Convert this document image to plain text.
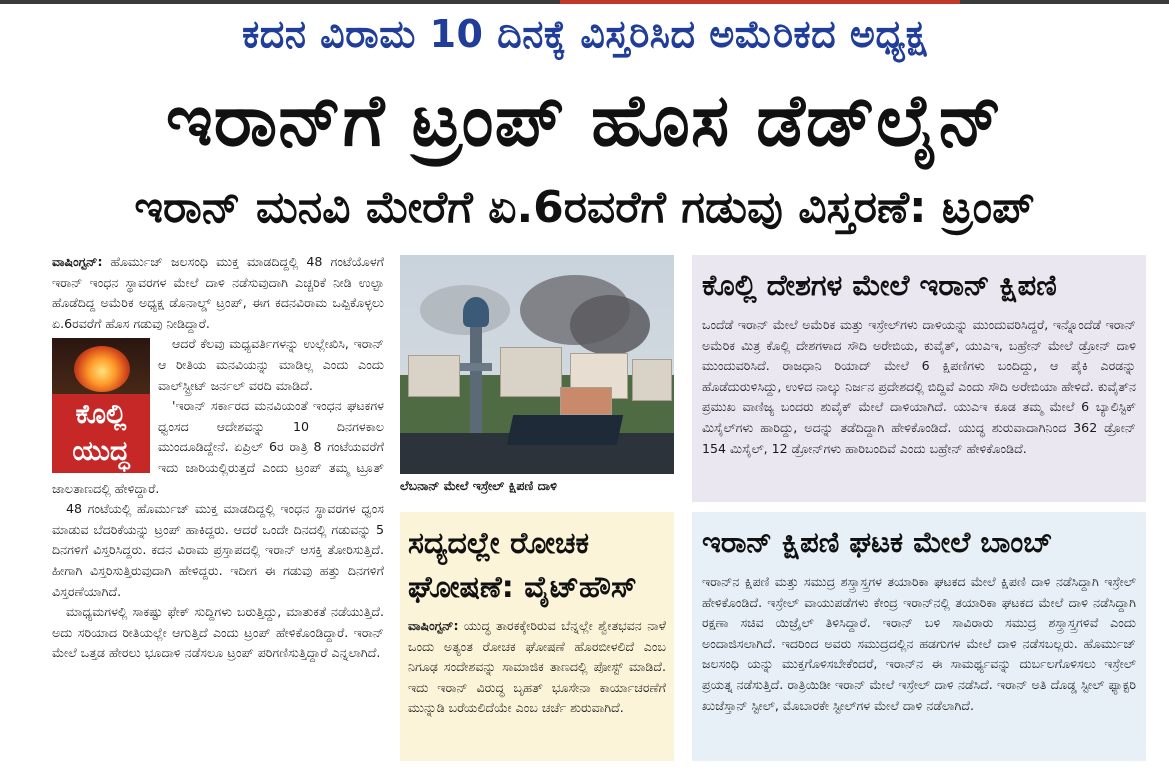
ಕದನ ವಿರಾಮ 10 ದಿನಕ್ಕೆ ವಿಸ್ತರಿಸಿದ ಅಮೆರಿಕದ ಅಧ್ಯಕ್ಷ
ಇರಾನ್‌ಗೆ ಟ್ರಂಪ್ ಹೊಸ ಡೆಡ್‌ಲೈನ್
ಇರಾನ್ ಮನವಿ ಮೇರೆಗೆ ಏ.6ರವರೆಗೆ ಗಡುವು ವಿಸ್ತರಣೆ: ಟ್ರಂಪ್

ವಾಷಿಂಗ್ಟನ್: ಹೊರ್ಮುಜ್ ಜಲಸಂಧಿ ಮುಕ್ತ ಮಾಡದಿದ್ದಲ್ಲಿ 48 ಗಂಟೆಯೊಳಗೆ ಇರಾನ್ ಇಂಧನ ಸ್ಥಾವರಗಳ ಮೇಲೆ ದಾಳಿ ನಡೆಸುವುದಾಗಿ ಎಚ್ಚರಿಕೆ ನೀಡಿ ಉಲ್ಟಾ ಹೊಡೆದಿದ್ದ ಅಮೆರಿಕ ಅಧ್ಯಕ್ಷ ಡೊನಾಲ್ಡ್ ಟ್ರಂಪ್, ಈಗ ಕದನವಿರಾಮ ಒಪ್ಪಿಕೊಳ್ಳಲು ಏ.6ರವರೆಗೆ ಹೊಸ ಗಡುವು ನೀಡಿದ್ದಾರೆ.

ಕೊಲ್ಲಿ
ಯುದ್ಧ

ಆದರೆ ಕೆಲವು ಮಧ್ಯವರ್ತಿಗಳನ್ನು ಉಲ್ಲೇಖಿಸಿ, ಇರಾನ್ ಆ ರೀತಿಯ ಮನವಿಯನ್ನು ಮಾಡಿಲ್ಲ ಎಂದು ಎಂದು ವಾಲ್‌ಸ್ಟ್ರೀಟ್ ಜರ್ನಲ್ ವರದಿ ಮಾಡಿದೆ.

'ಇರಾನ್ ಸರ್ಕಾರದ ಮನವಿಯಂತೆ ಇಂಧನ ಘಟಕಗಳ ಧ್ವಂಸದ ಆದೇಶವನ್ನು 10 ದಿನಗಳಕಾಲ ಮುಂದೂಡಿದ್ದೇನೆ. ಏಪ್ರಿಲ್ 6ರ ರಾತ್ರಿ 8 ಗಂಟೆಯವರೆಗೆ ಇದು ಜಾರಿಯಲ್ಲಿರುತ್ತದೆ ಎಂದು ಟ್ರಂಪ್ ತಮ್ಮ ಟ್ರೂತ್ ಜಾಲತಾಣದಲ್ಲಿ ಹೇಳಿದ್ದಾರೆ.

48 ಗಂಟೆಯಲ್ಲಿ ಹೊರ್ಮುಜ್ ಮುಕ್ತ ಮಾಡದಿದ್ದಲ್ಲಿ ಇಂಧನ ಸ್ಥಾವರಗಳ ಧ್ವಂಸ ಮಾಡುವ ಬೆದರಿಕೆಯನ್ನು ಟ್ರಂಪ್ ಹಾಕಿದ್ದರು. ಆದರೆ ಒಂದೇ ದಿನದಲ್ಲಿ ಗಡುವನ್ನು 5 ದಿನಗಳಿಗೆ ವಿಸ್ತರಿಸಿದ್ದರು. ಕದನ ವಿರಾಮ ಪ್ರಸ್ತಾಪದಲ್ಲಿ ಇರಾನ್ ಆಸಕ್ತಿ ತೋರಿಸುತ್ತಿದೆ. ಹೀಗಾಗಿ ವಿಸ್ತರಿಸುತ್ತಿರುವುದಾಗಿ ಹೇಳಿದ್ದರು. ಇದೀಗ ಈ ಗಡುವು ಹತ್ತು ದಿನಗಳಿಗೆ ವಿಸ್ತರಣೆಯಾಗಿದೆ.

ಮಾಧ್ಯಮಗಳಲ್ಲಿ ಸಾಕಷ್ಟು ಫೇಕ್ ಸುದ್ದಿಗಳು ಬರುತ್ತಿದ್ದು, ಮಾತುಕತೆ ನಡೆಯುತ್ತಿದೆ. ಅದು ಸರಿಯಾದ ರೀತಿಯಲ್ಲೇ ಆಗುತ್ತಿದೆ ಎಂದು ಟ್ರಂಪ್ ಹೇಳಿಕೊಂಡಿದ್ದಾರೆ. ಇರಾನ್ ಮೇಲೆ ಒತ್ತಡ ಹೇರಲು ಭೂದಾಳಿ ನಡೆಸಲೂ ಟ್ರಂಪ್ ಪರಿಗಣಿಸುತ್ತಿದ್ದಾರೆ ಎನ್ನಲಾಗಿದೆ.

ಲೆಬನಾನ್ ಮೇಲೆ ಇಸ್ರೇಲ್ ಕ್ಷಿಪಣಿ ದಾಳಿ

ಸದ್ಯದಲ್ಲೇ ರೋಚಕ ಘೋಷಣೆ: ವೈಟ್‌ಹೌಸ್

ವಾಷಿಂಗ್ಟನ್: ಯುದ್ಧ ತಾರಕಕ್ಕೇರಿರುವ ಬೆನ್ನಲ್ಲೇ ಶ್ವೇತಭವನ ನಾಳೆ ಒಂದು ಅತ್ಯಂತ ರೋಚಕ ಘೋಷಣೆ ಹೊರಬೀಳಲಿದೆ ಎಂಬ ನಿಗೂಢ ಸಂದೇಶವನ್ನು ಸಾಮಾಜಿಕ ತಾಣದಲ್ಲಿ ಪೋಸ್ಟ್ ಮಾಡಿದೆ. ಇದು ಇರಾನ್ ವಿರುದ್ಧ ಬೃಹತ್ ಭೂಸೇನಾ ಕಾರ್ಯಾಚರಣೆಗೆ ಮುನ್ನುಡಿ ಬರೆಯಲಿದೆಯೇ ಎಂಬ ಚರ್ಚೆ ಶುರುವಾಗಿದೆ.

ಕೊಲ್ಲಿ ದೇಶಗಳ ಮೇಲೆ ಇರಾನ್ ಕ್ಷಿಪಣಿ

ಒಂದೆಡೆ ಇರಾನ್ ಮೇಲೆ ಅಮೆರಿಕ ಮತ್ತು ಇಸ್ರೇಲ್‌ಗಳು ದಾಳಿಯನ್ನು ಮುಂದುವರಿಸಿದ್ದರೆ, ಇನ್ನೊಂದೆಡೆ ಇರಾನ್ ಅಮೆರಿಕ ಮಿತ್ರ ಕೊಲ್ಲಿ ದೇಶಗಳಾದ ಸೌದಿ ಅರೇಬಿಯ, ಕುವೈತ್, ಯುಎಇ, ಬಹ್ರೇನ್ ಮೇಲೆ ಡ್ರೋನ್ ದಾಳಿ ಮುಂದುವರಿಸಿದೆ. ರಾಜಧಾನಿ ರಿಯಾದ್ ಮೇಲೆ 6 ಕ್ಷಿಪಣಿಗಳು ಬಂದಿದ್ದು, ಆ ಪೈಕಿ ಎರಡನ್ನು ಹೊಡೆದುರುಳಿಸಿದ್ದು, ಉಳಿದ ನಾಲ್ಕು ನಿರ್ಜನ ಪ್ರದೇಶದಲ್ಲಿ ಬಿದ್ದಿವೆ ಎಂದು ಸೌದಿ ಅರೇಬಿಯಾ ಹೇಳಿದೆ. ಕುವೈತ್‌ನ ಪ್ರಮುಖ ವಾಣಿಜ್ಯ ಬಂದರು ಶುವೈಕ್ ಮೇಲೆ ದಾಳಿಯಾಗಿದೆ. ಯುಎಇ ಕೂಡ ತಮ್ಮ ಮೇಲೆ 6 ಬ್ಯಾಲಿಸ್ಟಿಕ್ ಮಿಸೈಲ್‌ಗಳು ಹಾರಿದ್ದು, ಅದನ್ನು ತಡೆದಿದ್ದಾಗಿ ಹೇಳಿಕೊಂಡಿದೆ. ಯುದ್ಧ ಶುರುವಾದಾಗಿನಿಂದ 362 ಡ್ರೋನ್ 154 ಮಿಸೈಲ್, 12 ಡ್ರೋನ್‌ಗಳು ಹಾರಿಬಂದಿವೆ ಎಂದು ಬಹ್ರೇನ್ ಹೇಳಿಕೊಂಡಿದೆ.

ಇರಾನ್ ಕ್ಷಿಪಣಿ ಘಟಕ ಮೇಲೆ ಬಾಂಬ್

ಇರಾನ್‌ನ ಕ್ಷಿಪಣಿ ಮತ್ತು ಸಮುದ್ರ ಶಸ್ತ್ರಾಸ್ತ್ರಗಳ ತಯಾರಿಕಾ ಘಟಕದ ಮೇಲೆ ಕ್ಷಿಪಣಿ ದಾಳಿ ನಡೆಸಿದ್ದಾಗಿ ಇಸ್ರೇಲ್ ಹೇಳಿಕೊಂಡಿದೆ. ಇಸ್ರೇಲ್ ವಾಯುಪಡೆಗಳು ಕೇಂದ್ರ ಇರಾನ್‌ನಲ್ಲಿ ತಯಾರಿಕಾ ಘಟಕದ ಮೇಲೆ ದಾಳಿ ನಡೆಸಿದ್ದಾಗಿ ರಕ್ಷಣಾ ಸಚಿವ ಯಿಜ್ರೈಲ್ ತಿಳಿಸಿದ್ದಾರೆ. ಇರಾನ್ ಬಳಿ ಸಾವಿರಾರು ಸಮುದ್ರ ಶಸ್ತ್ರಾಸ್ತ್ರಗಳಿವೆ ಎಂದು ಅಂದಾಜಿಸಲಾಗಿದೆ. ಇದರಿಂದ ಅವರು ಸಮುದ್ರದಲ್ಲಿನ ಹಡಗುಗಳ ಮೇಲೆ ದಾಳಿ ನಡೆಸಬಲ್ಲರು. ಹೊರ್ಮುಜ್ ಜಲಸಂಧಿ ಯನ್ನು ಮುಕ್ತಗೊಳಿಸಬೇಕೆಂದರೆ, ಇರಾನ್‌ನ ಈ ಸಾಮರ್ಥ್ಯವನ್ನು ದುರ್ಬಲಗೊಳಿಸಲು ಇಸ್ರೇಲ್ ಪ್ರಯತ್ನ ನಡೆಸುತ್ತಿದೆ. ರಾತ್ರಿಯಿಡೀ ಇರಾನ್ ಮೇಲೆ ಇಸ್ರೇಲ್ ದಾಳಿ ನಡೆಸಿದೆ. ಇರಾನ್ ಅತಿ ದೊಡ್ಡ ಸ್ಟೀಲ್ ಫ್ಯಾಕ್ಟರಿ ಖುಜೆಸ್ತಾನ್ ಸ್ಟೀಲ್, ಮೊಬಾರಕೇ ಸ್ಟೀಲ್‌ಗಳ ಮೇಲೆ ದಾಳಿ ನಡೆಲಾಗಿದೆ.
